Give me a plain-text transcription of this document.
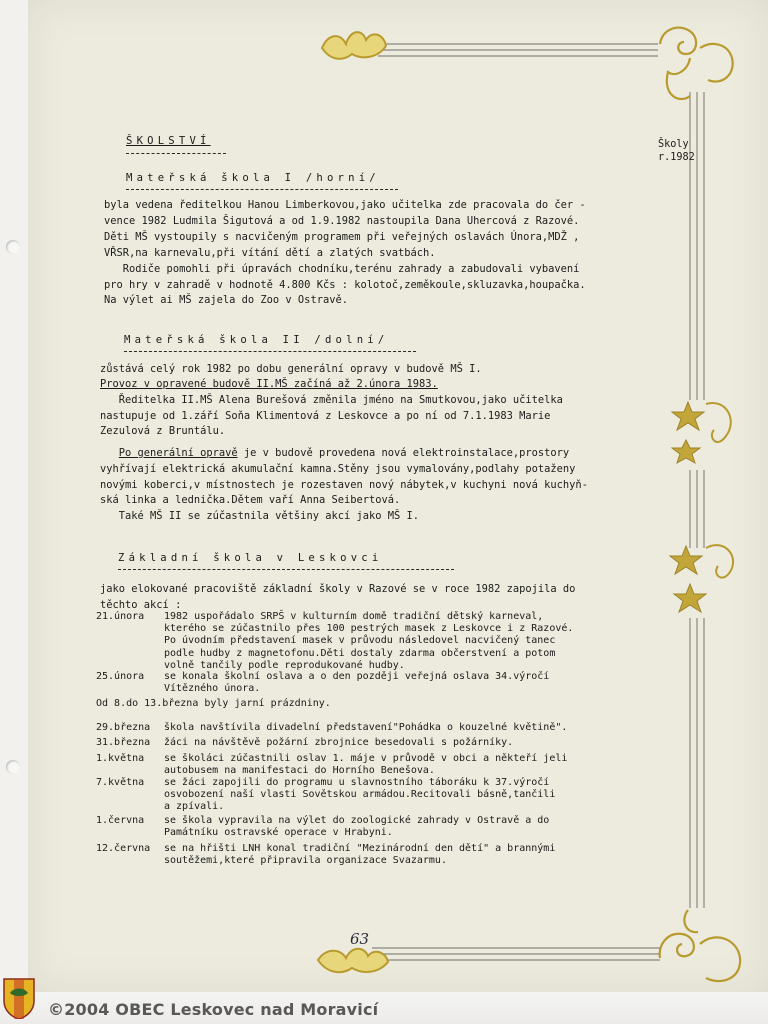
ŠKOLSTVÍ	Školy
r.1982
Mateřská škola I /horní/
byla vedena ředitelkou Hanou Limberkovou,jako učitelka zde pracovala do čer -
vence 1982 Ludmila Šigutová a od 1.9.1982 nastoupila Dana Uhercová z Razové.
Děti MŠ vystoupily s nacvičeným programem při veřejných oslavách Února,MDŽ ,
VŘSR,na karnevalu,při vítání dětí a zlatých svatbách.
Rodiče pomohli při úpravách chodníku,terénu zahrady a zabudovali vybavení
pro hry v zahradě v hodnotě 4.800 Kčs : kolotoč,zeměkoule,skluzavka,houpačka.
Na výlet ai MŠ zajela do Zoo v Ostravě.
Mateřská škola II /dolní/
zůstává celý rok 1982 po dobu generální opravy v budově MŠ I.
Provoz v opravené budově II.MŠ začíná až 2.února 1983.
Ředitelka II.MŠ Alena Burešová změnila jméno na Smutkovou,jako učitelka
nastupuje od 1.září Soňa Klimentová z Leskovce a po ní od 7.1.1983 Marie
Zezulová z Bruntálu.
Po generální opravě je v budově provedena nová elektroinstalace,prostory
vyhřívají elektrická akumulační kamna.Stěny jsou vymalovány,podlahy potaženy
novými koberci,v místnostech je rozestaven nový nábytek,v kuchyni nová kuchyň-
ská linka a lednička.Dětem vaří Anna Seibertová.
Také MŠ II se zúčastnila většiny akcí jako MŠ I.
Základní škola v Leskovci
jako elokované pracoviště základní školy v Razové se v roce 1982 zapojila do
těchto akcí :
21.února 1982 uspořádalo SRPŠ v kulturním domě tradiční dětský karneval,
kterého se zúčastnilo přes 100 pestrých masek z Leskovce i z Razové.
Po úvodním představení masek v průvodu následovel nacvičený tanec
podle hudby z magnetofonu.Děti dostaly zdarma občerstvení a potom
volně tančily podle reprodukované hudby.
25.února se konala školní oslava a o den později veřejná oslava 34.výročí
Vítězného února.
Od 8.do 13.března byly jarní prázdniny.
29.března škola navštívila divadelní představení"Pohádka o kouzelné květině".
31.března žáci na návštěvě požární zbrojnice besedovali s požárníky.
1.května se školáci zúčastnili oslav 1. máje v průvodě v obci a někteří jeli
autobusem na manifestaci do Horního Benešova.
7.května se žáci zapojili do programu u slavnostního táboráku k 37.výročí
osvobození naší vlasti Sovětskou armádou.Recitovali básně,tančili
a zpívali.
1.června se škola vypravila na výlet do zoologické zahrady v Ostravě a do
Památníku ostravské operace v Hrabyni.
12.června se na hřišti LNH konal tradiční "Mezinárodní den dětí" a brannými
soutěžemi,které připravila organizace Svazarmu.
63
©2004 OBEC Leskovec nad Moravicí
